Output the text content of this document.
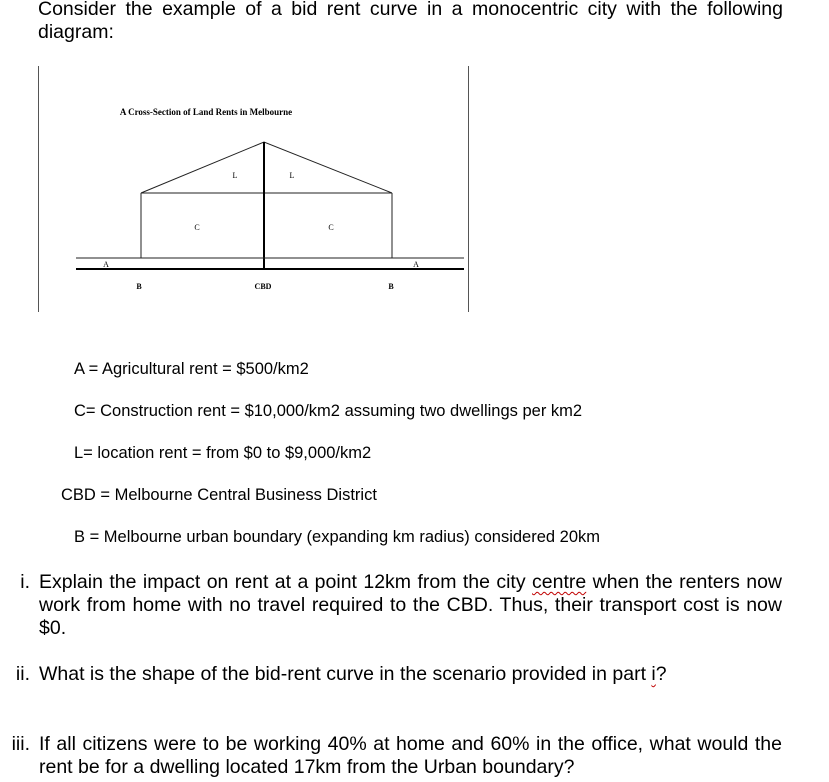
Consider the example of a bid rent curve in a monocentric city with the following diagram:

A Cross-Section of Land Rents in Melbourne
L	L
C	C
A	A
B	B
CBD

A = Agricultural rent = $500/km2

C= Construction rent = $10,000/km2 assuming two dwellings per km2

L= location rent = from $0 to $9,000/km2

CBD = Melbourne Central Business District

B = Melbourne urban boundary (expanding km radius) considered 20km

i. Explain the impact on rent at a point 12km from the city centre when the renters now work from home with no travel required to the CBD. Thus, their transport cost is now $0.
ii. What is the shape of the bid-rent curve in the scenario provided in part i?
iii. If all citizens were to be working 40% at home and 60% in the office, what would the rent be for a dwelling located 17km from the Urban boundary?
